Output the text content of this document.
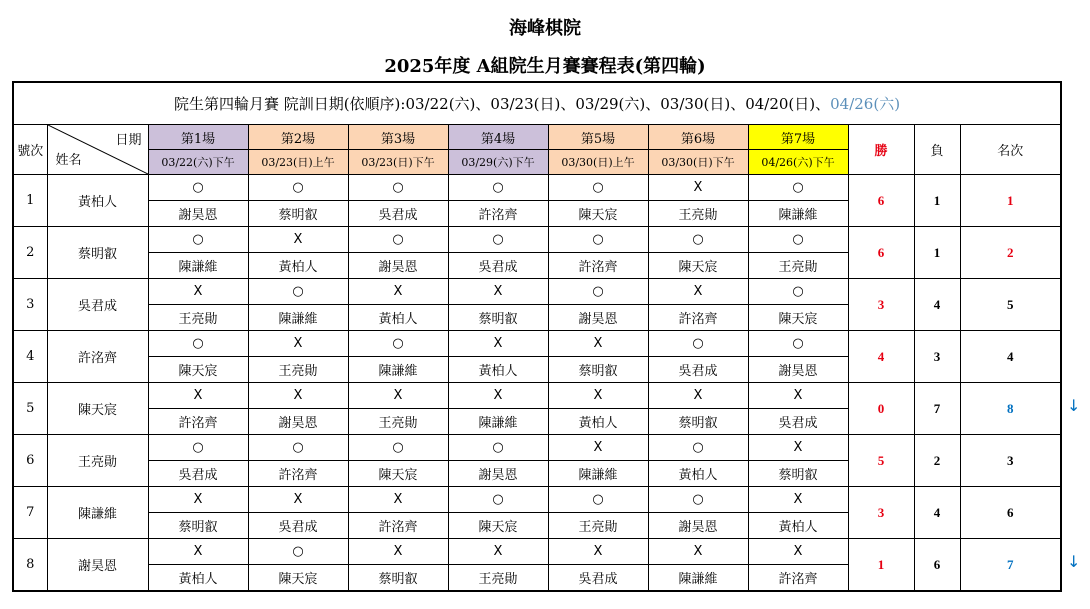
海峰棋院
2025年度 A組院生月賽賽程表(第四輪)
院生第四輪月賽 院訓日期(依順序):03/22(六)、03/23(日)、03/29(六)、03/30(日)、04/20(日)、04/26(六)											
號次	日期
姓名	第1場	第2場	第3場	第4場	第5場	第6場	第7場	勝	負	名次
		03/22(六)下午	03/23(日)上午	03/23(日)下午	03/29(六)下午	03/30(日)上午	03/30(日)下午	04/26(六)下午			
1	黃柏人	○	○	○	○	○	X	○	6	1	1
		謝昊恩	蔡明叡	吳君成	許洺齊	陳天宸	王亮勛	陳謙維			
2	蔡明叡	○	X	○	○	○	○	○	6	1	2
		陳謙維	黃柏人	謝昊恩	吳君成	許洺齊	陳天宸	王亮勛			
3	吳君成	X	○	X	X	○	X	○	3	4	5
		王亮勛	陳謙維	黃柏人	蔡明叡	謝昊恩	許洺齊	陳天宸			
4	許洺齊	○	X	○	X	X	○	○	4	3	4
		陳天宸	王亮勛	陳謙維	黃柏人	蔡明叡	吳君成	謝昊恩			
5	陳天宸	X	X	X	X	X	X	X	0	7	8
		許洺齊	謝昊恩	王亮勛	陳謙維	黃柏人	蔡明叡	吳君成			
6	王亮勛	○	○	○	○	X	○	X	5	2	3
		吳君成	許洺齊	陳天宸	謝昊恩	陳謙維	黃柏人	蔡明叡			
7	陳謙維	X	X	X	○	○	○	X	3	4	6
		蔡明叡	吳君成	許洺齊	陳天宸	王亮勛	謝昊恩	黃柏人			
8	謝昊恩	X	○	X	X	X	X	X	1	6	7
		黃柏人	陳天宸	蔡明叡	王亮勛	吳君成	陳謙維	許洺齊			
↓
↓
